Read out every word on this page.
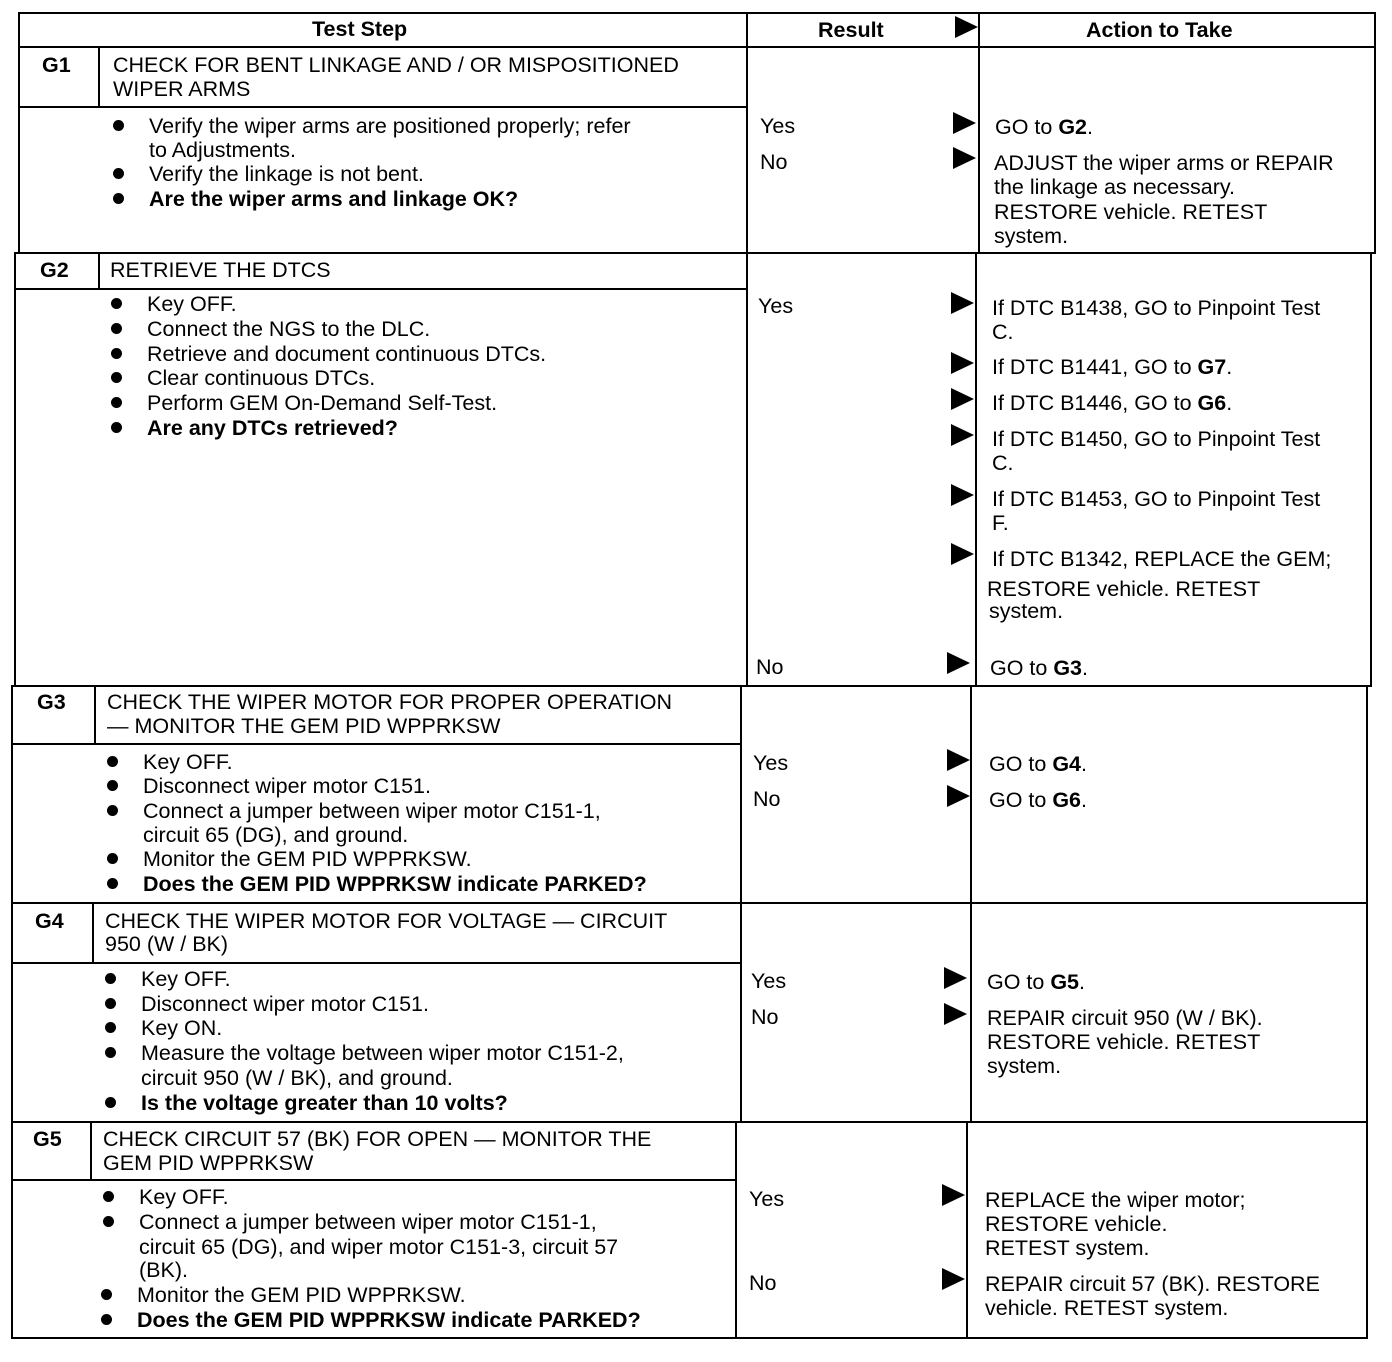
Test Step	Result	Action to Take
G1 CHECK FOR BENT LINKAGE AND / OR MISPOSITIONED
WIPER ARMS
Verify the wiper arms are positioned properly; refer
to Adjustments.
Verify the linkage is not bent.
Are the wiper arms and linkage OK?
Yes	GO to G2.
No	ADJUST the wiper arms or REPAIR
the linkage as necessary.
RESTORE vehicle. RETEST
system.
G2 RETRIEVE THE DTCS
Key OFF.
Connect the NGS to the DLC.
Retrieve and document continuous DTCs.
Clear continuous DTCs.
Perform GEM On-Demand Self-Test.
Are any DTCs retrieved?
Yes	If DTC B1438, GO to Pinpoint Test
C.
If DTC B1441, GO to G7.
If DTC B1446, GO to G6.
If DTC B1450, GO to Pinpoint Test
C.
If DTC B1453, GO to Pinpoint Test
F.
If DTC B1342, REPLACE the GEM;
RESTORE vehicle. RETEST
system.
No	GO to G3.
G3 CHECK THE WIPER MOTOR FOR PROPER OPERATION
— MONITOR THE GEM PID WPPRKSW
Key OFF.
Disconnect wiper motor C151.
Connect a jumper between wiper motor C151-1,
circuit 65 (DG), and ground.
Monitor the GEM PID WPPRKSW.
Does the GEM PID WPPRKSW indicate PARKED?
Yes	GO to G4.
No	GO to G6.
G4 CHECK THE WIPER MOTOR FOR VOLTAGE — CIRCUIT
950 (W / BK)
Key OFF.
Disconnect wiper motor C151.
Key ON.
Measure the voltage between wiper motor C151-2,
circuit 950 (W / BK), and ground.
Is the voltage greater than 10 volts?
Yes	GO to G5.
No	REPAIR circuit 950 (W / BK).
RESTORE vehicle. RETEST
system.
G5 CHECK CIRCUIT 57 (BK) FOR OPEN — MONITOR THE
GEM PID WPPRKSW
Key OFF.
Connect a jumper between wiper motor C151-1,
circuit 65 (DG), and wiper motor C151-3, circuit 57
(BK).
Monitor the GEM PID WPPRKSW.
Does the GEM PID WPPRKSW indicate PARKED?
Yes	REPLACE the wiper motor;
RESTORE vehicle.
RETEST system.
No	REPAIR circuit 57 (BK). RESTORE
vehicle. RETEST system.
